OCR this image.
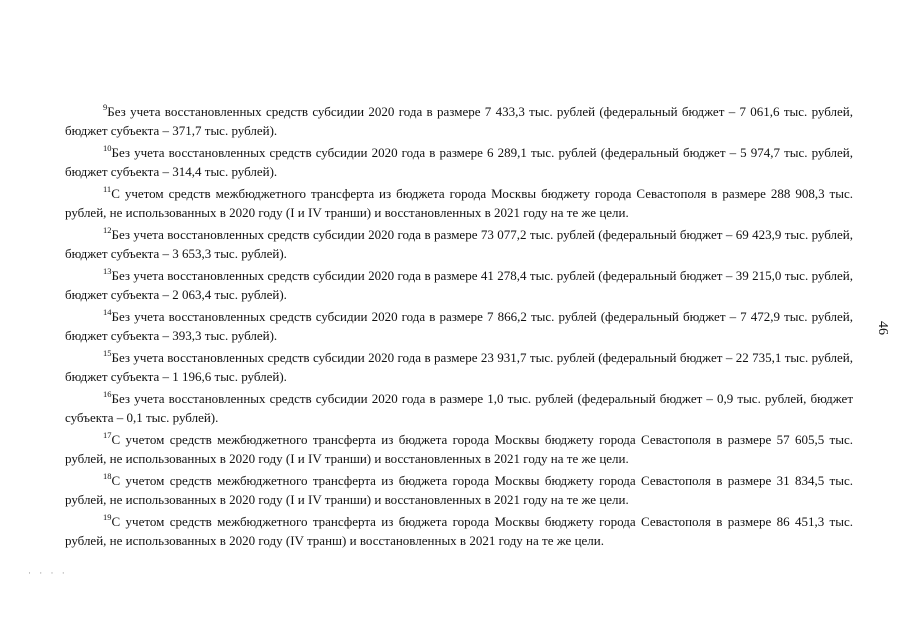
$^9$Без учета восстановленных средств субсидии 2020 года в размере 7 433,3 тыс. рублей (федеральный бюджет – 7 061,6 тыс. рублей, бюджет субъекта – 371,7 тыс. рублей).

$^{10}$Без учета восстановленных средств субсидии 2020 года в размере 6 289,1 тыс. рублей (федеральный бюджет – 5 974,7 тыс. рублей, бюджет субъекта – 314,4 тыс. рублей).

$^{11}$С учетом средств межбюджетного трансферта из бюджета города Москвы бюджету города Севастополя в размере 288 908,3 тыс. рублей, не использованных в 2020 году (I и IV транши) и восстановленных в 2021 году на те же цели.

$^{12}$Без учета восстановленных средств субсидии 2020 года в размере 73 077,2 тыс. рублей (федеральный бюджет – 69 423,9 тыс. рублей, бюджет субъекта – 3 653,3 тыс. рублей).

$^{13}$Без учета восстановленных средств субсидии 2020 года в размере 41 278,4 тыс. рублей (федеральный бюджет – 39 215,0 тыс. рублей, бюджет субъекта – 2 063,4 тыс. рублей).

$^{14}$Без учета восстановленных средств субсидии 2020 года в размере 7 866,2 тыс. рублей (федеральный бюджет – 7 472,9 тыс. рублей, бюджет субъекта – 393,3 тыс. рублей).

$^{15}$Без учета восстановленных средств субсидии 2020 года в размере 23 931,7 тыс. рублей (федеральный бюджет – 22 735,1 тыс. рублей, бюджет субъекта – 1 196,6 тыс. рублей).

$^{16}$Без учета восстановленных средств субсидии 2020 года в размере 1,0 тыс. рублей (федеральный бюджет – 0,9 тыс. рублей, бюджет субъекта – 0,1 тыс. рублей).

$^{17}$С учетом средств межбюджетного трансферта из бюджета города Москвы бюджету города Севастополя в размере 57 605,5 тыс. рублей, не использованных в 2020 году (I и IV транши) и восстановленных в 2021 году на те же цели.

$^{18}$С учетом средств межбюджетного трансферта из бюджета города Москвы бюджету города Севастополя в размере 31 834,5 тыс. рублей, не использованных в 2020 году (I и IV транши) и восстановленных в 2021 году на те же цели.

$^{19}$С учетом средств межбюджетного трансферта из бюджета города Москвы бюджету города Севастополя в размере 86 451,3 тыс. рублей, не использованных в 2020 году (IV транш) и восстановленных в 2021 году на те же цели.

46
· · · ·
